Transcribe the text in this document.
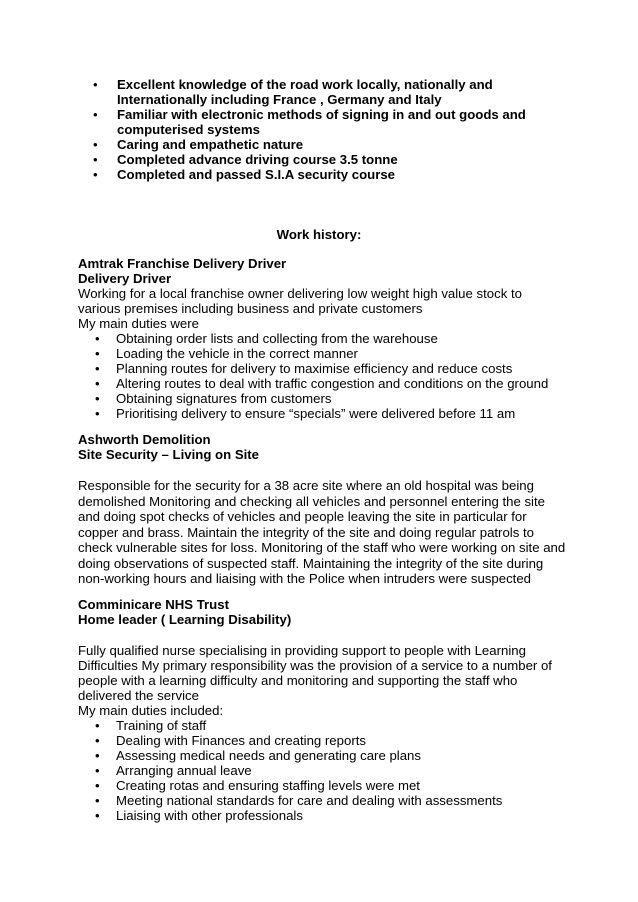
• Excellent knowledge of the road work locally, nationally and Internationally including France , Germany and Italy
• Familiar with electronic methods of signing in and out goods and computerised systems
• Caring and empathetic nature
• Completed advance driving course 3.5 tonne
• Completed and passed S.I.A security course
Work history:

Amtrak Franchise Delivery Driver

Delivery Driver

Working for a local franchise owner delivering low weight high value stock to various premises including business and private customers

My main duties were

• Obtaining order lists and collecting from the warehouse
• Loading the vehicle in the correct manner
• Planning routes for delivery to maximise efficiency and reduce costs
• Altering routes to deal with traffic congestion and conditions on the ground
• Obtaining signatures from customers
• Prioritising delivery to ensure “specials” were delivered before 11 am

Ashworth Demolition

Site Security – Living on Site

Responsible for the security for a 38 acre site where an old hospital was being demolished Monitoring and checking all vehicles and personnel entering the site and doing spot checks of vehicles and people leaving the site in particular for copper and brass. Maintain the integrity of the site and doing regular patrols to check vulnerable sites for loss. Monitoring of the staff who were working on site and doing observations of suspected staff. Maintaining the integrity of the site during non-working hours and liaising with the Police when intruders were suspected

Comminicare NHS Trust

Home leader ( Learning Disability)

Fully qualified nurse specialising in providing support to people with Learning Difficulties My primary responsibility was the provision of a service to a number of people with a learning difficulty and monitoring and supporting the staff who delivered the service

My main duties included:

• Training of staff
• Dealing with Finances and creating reports
• Assessing medical needs and generating care plans
• Arranging annual leave
• Creating rotas and ensuring staffing levels were met
• Meeting national standards for care and dealing with assessments
• Liaising with other professionals
